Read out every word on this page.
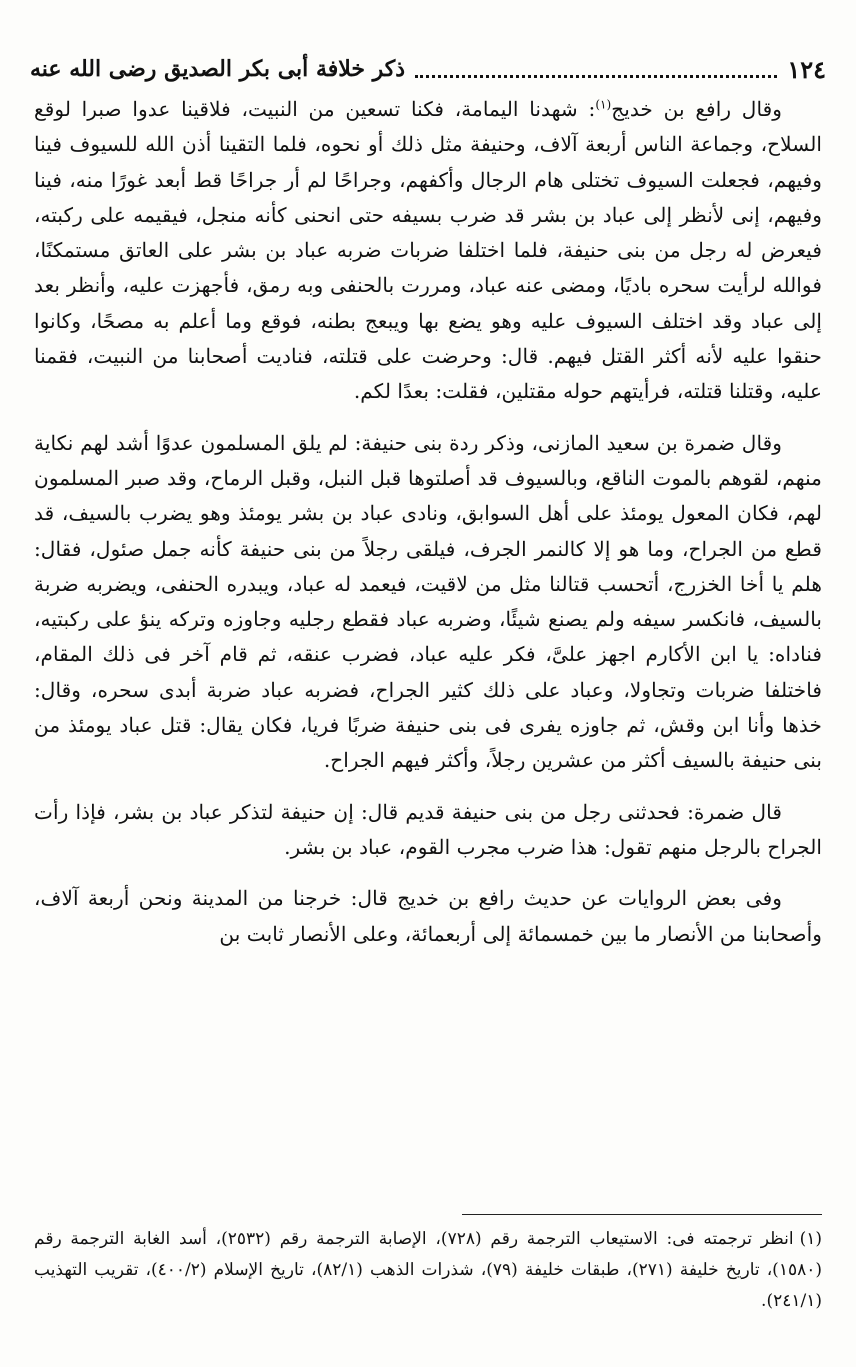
١٢٤
ذكر خلافة أبى بكر الصديق رضى الله عنه

وقال رافع بن خديج$^{(١)}$: شهدنا اليمامة، فكنا تسعين من النبيت، فلاقينا عدوا صبرا لوقع السلاح، وجماعة الناس أربعة آلاف، وحنيفة مثل ذلك أو نحوه، فلما التقينا أذن الله للسيوف فينا وفيهم، فجعلت السيوف تختلى هام الرجال وأكفهم، وجراحًا لم أر جراحًا قط أبعد غورًا منه، فينا وفيهم، إنى لأنظر إلى عباد بن بشر قد ضرب بسيفه حتى انحنى كأنه منجل، فيقيمه على ركبته، فيعرض له رجل من بنى حنيفة، فلما اختلفا ضربات ضربه عباد بن بشر على العاتق مستمكنًا، فوالله لرأيت سحره باديًا، ومضى عنه عباد، ومررت بالحنفى وبه رمق، فأجهزت عليه، وأنظر بعد إلى عباد وقد اختلف السيوف عليه وهو يضع بها ويبعج بطنه، فوقع وما أعلم به مصحًا، وكانوا حنقوا عليه لأنه أكثر القتل فيهم. قال: وحرضت على قتلته، فناديت أصحابنا من النبيت، فقمنا عليه، وقتلنا قتلته، فرأيتهم حوله مقتلين، فقلت: بعدًا لكم.

وقال ضمرة بن سعيد المازنى، وذكر ردة بنى حنيفة: لم يلق المسلمون عدوًا أشد لهم نكاية منهم، لقوهم بالموت الناقع، وبالسيوف قد أصلتوها قبل النبل، وقبل الرماح، وقد صبر المسلمون لهم، فكان المعول يومئذ على أهل السوابق، ونادى عباد بن بشر يومئذ وهو يضرب بالسيف، قد قطع من الجراح، وما هو إلا كالنمر الجرف، فيلقى رجلاً من بنى حنيفة كأنه جمل صئول، فقال: هلم يا أخا الخزرج، أتحسب قتالنا مثل من لاقيت، فيعمد له عباد، ويبدره الحنفى، ويضربه ضربة بالسيف، فانكسر سيفه ولم يصنع شيئًا، وضربه عباد فقطع رجليه وجاوزه وتركه ينؤ على ركبتيه، فناداه: يا ابن الأكارم اجهز علىَّ، فكر عليه عباد، فضرب عنقه، ثم قام آخر فى ذلك المقام، فاختلفا ضربات وتجاولا، وعباد على ذلك كثير الجراح، فضربه عباد ضربة أبدى سحره، وقال: خذها وأنا ابن وقش، ثم جاوزه يفرى فى بنى حنيفة ضربًا فريا، فكان يقال: قتل عباد يومئذ من بنى حنيفة بالسيف أكثر من عشرين رجلاً، وأكثر فيهم الجراح.

قال ضمرة: فحدثنى رجل من بنى حنيفة قديم قال: إن حنيفة لتذكر عباد بن بشر، فإذا رأت الجراح بالرجل منهم تقول: هذا ضرب مجرب القوم، عباد بن بشر.

وفى بعض الروايات عن حديث رافع بن خديج قال: خرجنا من المدينة ونحن أربعة آلاف، وأصحابنا من الأنصار ما بين خمسمائة إلى أربعمائة، وعلى الأنصار ثابت بن

(١)انظر ترجمته فى: الاستيعاب الترجمة رقم (٧٢٨)، الإصابة الترجمة رقم (٢٥٣٢)، أسد الغابة الترجمة رقم (١٥٨٠)، تاريخ خليفة (٢٧١)، طبقات خليفة (٧٩)، شذرات الذهب (٨٢/١)، تاريخ الإسلام (٤٠٠/٢)، تقريب التهذيب (٢٤١/١).
